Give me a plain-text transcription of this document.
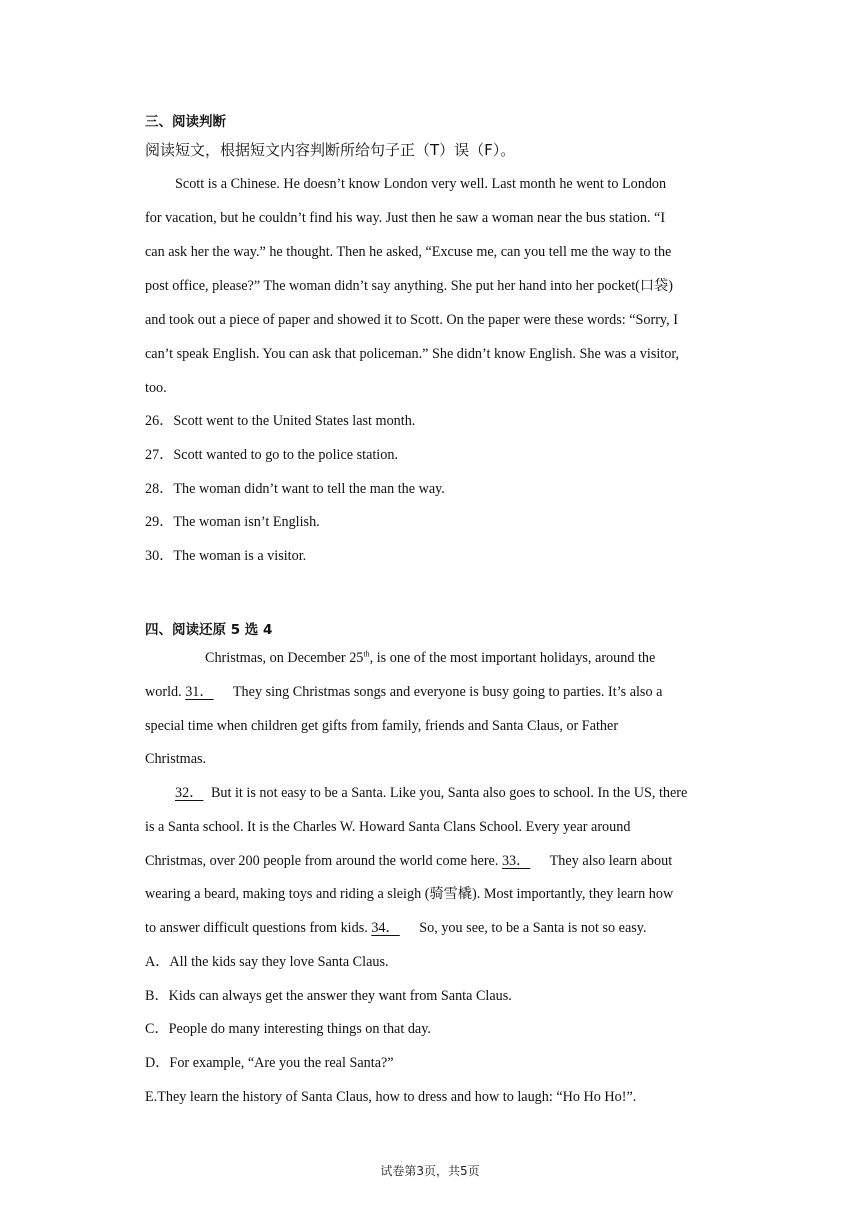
三、阅读判断
阅读短文，根据短文内容判断所给句子正（T）误（F）。
Scott is a Chinese. He doesn’t know London very well. Last month he went to London
for vacation, but he couldn’t find his way. Just then he saw a woman near the bus station. “I
can ask her the way.” he thought. Then he asked, “Excuse me, can you tell me the way to the
post office, please?” The woman didn’t say anything. She put her hand into her pocket(口袋)
and took out a piece of paper and showed it to Scott. On the paper were these words: “Sorry, I
can’t speak English. You can ask that policeman.” She didn’t know English. She was a visitor,
too.
26．Scott went to the United States last month.
27．Scott wanted to go to the police station.
28．The woman didn’t want to tell the man the way.
29．The woman isn’t English.
30．The woman is a visitor.
四、阅读还原 5 选 4
Christmas, on December 25th, is one of the most important holidays, around the
world. 31． They sing Christmas songs and everyone is busy going to parties. It’s also a
special time when children get gifts from family, friends and Santa Claus, or Father
Christmas.
32． But it is not easy to be a Santa. Like you, Santa also goes to school. In the US, there
is a Santa school. It is the Charles W. Howard Santa Clans School. Every year around
Christmas, over 200 people from around the world come here. 33． They also learn about
wearing a beard, making toys and riding a sleigh (骑雪橇). Most importantly, they learn how
to answer difficult questions from kids. 34． So, you see, to be a Santa is not so easy.
A．All the kids say they love Santa Claus.
B．Kids can always get the answer they want from Santa Claus.
C．People do many interesting things on that day.
D．For example, “Are you the real Santa?”
E.They learn the history of Santa Claus, how to dress and how to laugh: “Ho Ho Ho!”.
试卷第3页，共5页
